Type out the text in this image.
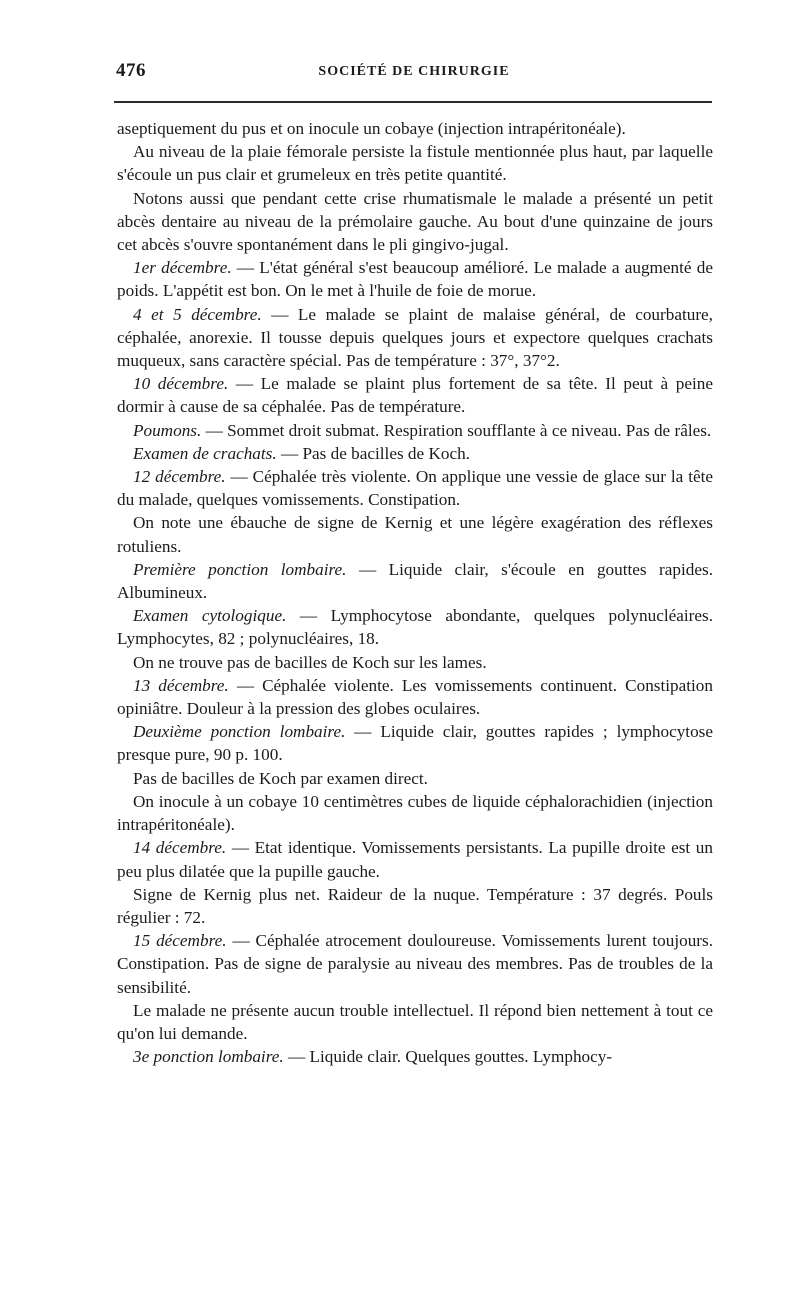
476	SOCIÉTÉ DE CHIRURGIE

aseptiquement du pus et on inocule un cobaye (injection intrapéritonéale).

Au niveau de la plaie fémorale persiste la fistule mentionnée plus haut, par laquelle s'écoule un pus clair et grumeleux en très petite quantité.

Notons aussi que pendant cette crise rhumatismale le malade a présenté un petit abcès dentaire au niveau de la prémolaire gauche. Au bout d'une quinzaine de jours cet abcès s'ouvre spontanément dans le pli gingivo-jugal.

1er décembre. — L'état général s'est beaucoup amélioré. Le malade a augmenté de poids. L'appétit est bon. On le met à l'huile de foie de morue.

4 et 5 décembre. — Le malade se plaint de malaise général, de courbature, céphalée, anorexie. Il tousse depuis quelques jours et expectore quelques crachats muqueux, sans caractère spécial. Pas de température : 37°, 37°2.

10 décembre. — Le malade se plaint plus fortement de sa tête. Il peut à peine dormir à cause de sa céphalée. Pas de température.

Poumons. — Sommet droit submat. Respiration soufflante à ce niveau. Pas de râles.

Examen de crachats. — Pas de bacilles de Koch.

12 décembre. — Céphalée très violente. On applique une vessie de glace sur la tête du malade, quelques vomissements. Constipation.

On note une ébauche de signe de Kernig et une légère exagération des réflexes rotuliens.

Première ponction lombaire. — Liquide clair, s'écoule en gouttes rapides. Albumineux.

Examen cytologique. — Lymphocytose abondante, quelques polynucléaires. Lymphocytes, 82 ; polynucléaires, 18.

On ne trouve pas de bacilles de Koch sur les lames.

13 décembre. — Céphalée violente. Les vomissements continuent. Constipation opiniâtre. Douleur à la pression des globes oculaires.

Deuxième ponction lombaire. — Liquide clair, gouttes rapides ; lymphocytose presque pure, 90 p. 100.

Pas de bacilles de Koch par examen direct.

On inocule à un cobaye 10 centimètres cubes de liquide céphalorachidien (injection intrapéritonéale).

14 décembre. — Etat identique. Vomissements persistants. La pupille droite est un peu plus dilatée que la pupille gauche.

Signe de Kernig plus net. Raideur de la nuque. Température : 37 degrés. Pouls régulier : 72.

15 décembre. — Céphalée atrocement douloureuse. Vomissements lurent toujours. Constipation. Pas de signe de paralysie au niveau des membres. Pas de troubles de la sensibilité.

Le malade ne présente aucun trouble intellectuel. Il répond bien nettement à tout ce qu'on lui demande.

3e ponction lombaire. — Liquide clair. Quelques gouttes. Lymphocy-
